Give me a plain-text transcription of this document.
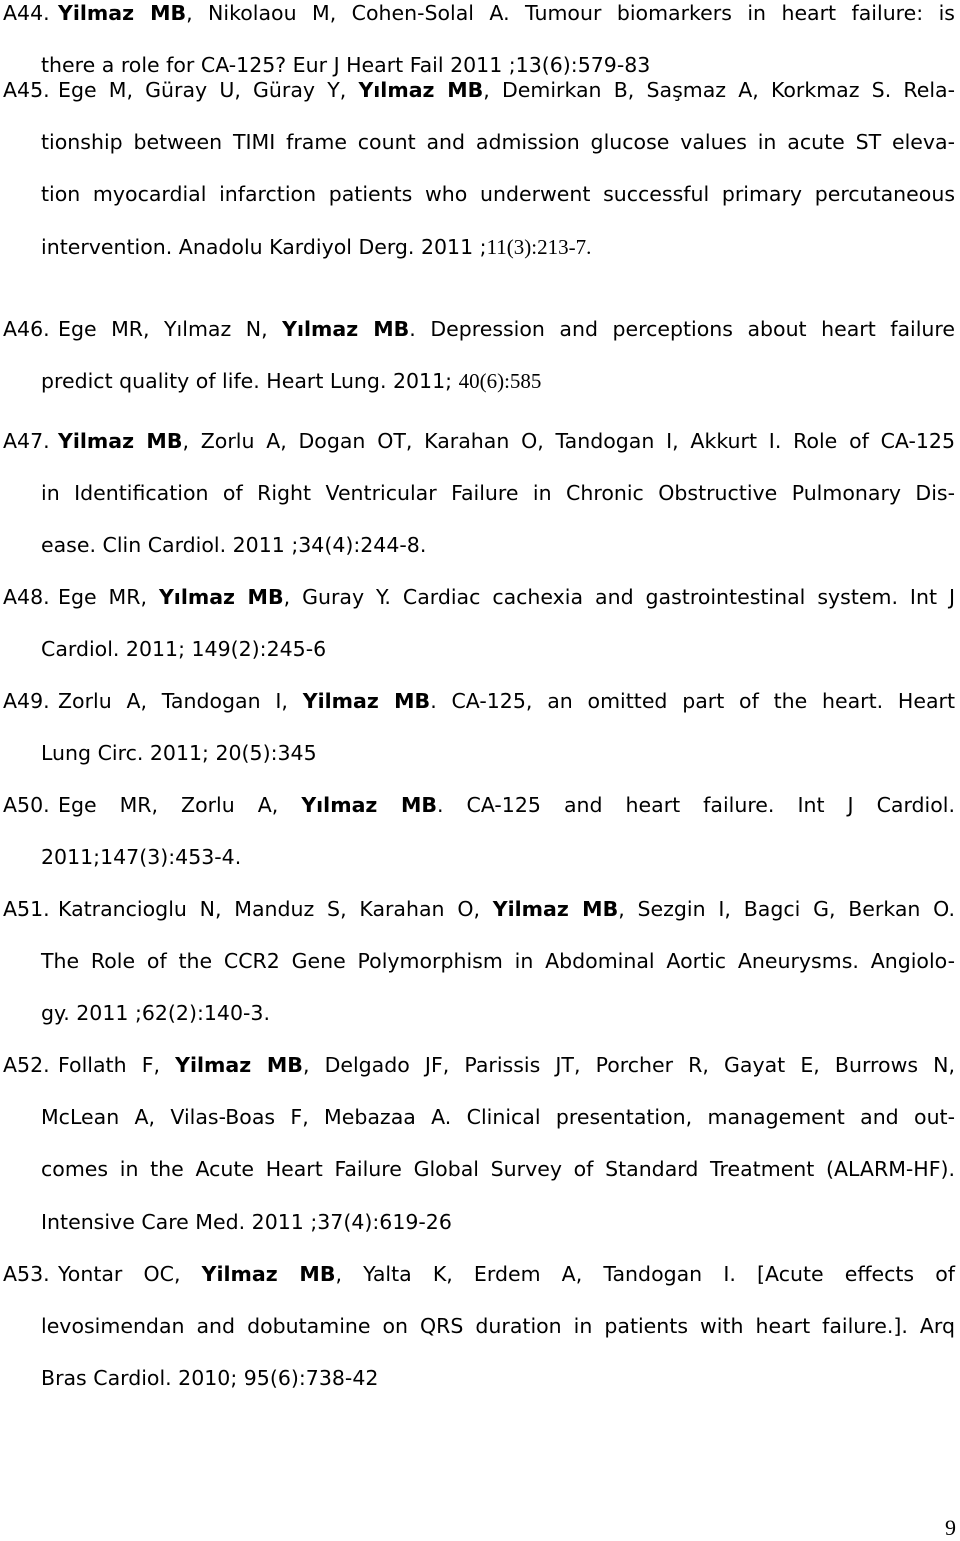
A44. Yilmaz MB, Nikolaou M, Cohen-Solal A. Tumour biomarkers in heart failure: is
there a role for CA-125? Eur J Heart Fail 2011 ;13(6):579-83
A45. Ege M, Güray U, Güray Y, Yılmaz MB, Demirkan B, Saşmaz A, Korkmaz S. Rela-
tionship between TIMI frame count and admission glucose values in acute ST eleva-
tion myocardial infarction patients who underwent successful primary percutaneous
intervention. Anadolu Kardiyol Derg. 2011 ;11(3):213-7.
A46. Ege MR, Yılmaz N, Yılmaz MB. Depression and perceptions about heart failure
predict quality of life. Heart Lung. 2011; 40(6):585
A47. Yilmaz MB, Zorlu A, Dogan OT, Karahan O, Tandogan I, Akkurt I. Role of CA-125
in Identification of Right Ventricular Failure in Chronic Obstructive Pulmonary Dis-
ease. Clin Cardiol. 2011 ;34(4):244-8.
A48. Ege MR, Yılmaz MB, Guray Y. Cardiac cachexia and gastrointestinal system. Int J
Cardiol. 2011; 149(2):245-6
A49. Zorlu A, Tandogan I, Yilmaz MB. CA-125, an omitted part of the heart. Heart
Lung Circ. 2011; 20(5):345
A50. Ege MR, Zorlu A, Yılmaz MB. CA-125 and heart failure. Int J Cardiol.
2011;147(3):453-4.
A51. Katrancioglu N, Manduz S, Karahan O, Yilmaz MB, Sezgin I, Bagci G, Berkan O.
The Role of the CCR2 Gene Polymorphism in Abdominal Aortic Aneurysms. Angiolo-
gy. 2011 ;62(2):140-3.
A52. Follath F, Yilmaz MB, Delgado JF, Parissis JT, Porcher R, Gayat E, Burrows N,
McLean A, Vilas-Boas F, Mebazaa A. Clinical presentation, management and out-
comes in the Acute Heart Failure Global Survey of Standard Treatment (ALARM-HF).
Intensive Care Med. 2011 ;37(4):619-26
A53. Yontar OC, Yilmaz MB, Yalta K, Erdem A, Tandogan I. [Acute effects of
levosimendan and dobutamine on QRS duration in patients with heart failure.]. Arq
Bras Cardiol. 2010; 95(6):738-42
9
